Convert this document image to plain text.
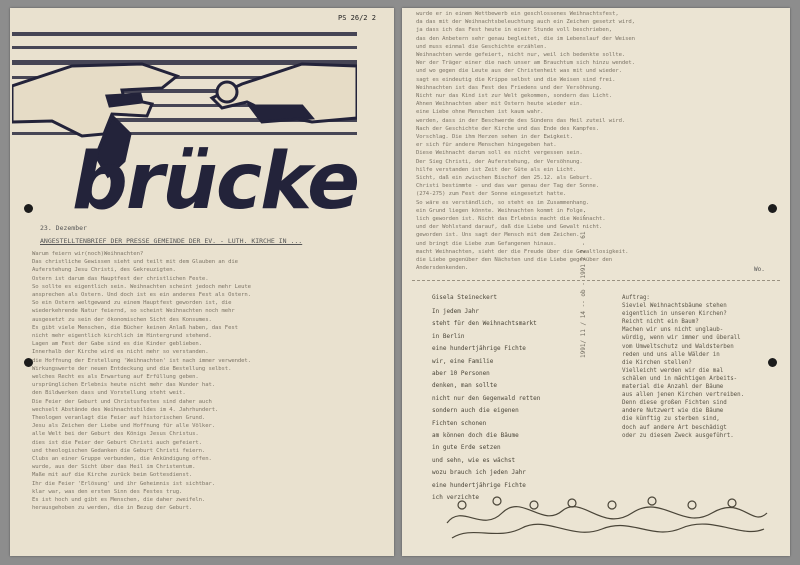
PS 26/2 2
brücke
23. Dezember
ANGESTELLTENBRIEF DER PRESSE GEMEINDE DER EV. - LUTH. KIRCHE IN ...
Warum feiern wir(noch)Weihnachten?
Das christliche Gewissen sieht und teilt mit dem Glauben an die
Auferstehung Jesu Christi, des Gekreuzigten.
Ostern ist darum das Hauptfest der christlichen Feste.
So sollte es eigentlich sein. Weihnachten scheint jedoch mehr Leute
ansprechen als Ostern. Und doch ist es ein anderes Fest als Ostern.
So ein Ostern weltgewand zu einem Hauptfest geworden ist, die
wiederkehrende Natur feiernd, so scheint Weihnachten noch mehr
ausgesetzt zu sein der ökonomischen Sicht des Konsumes.
Es gibt viele Menschen, die Bücher keinen Anlaß haben, das Fest
nicht mehr eigentlich kirchlich im Hintergrund stehend.
Lagen am Fest der Gabe sind es die Kinder geblieben.
Innerhalb der Kirche wird es nicht mehr so verstanden.
die Hoffnung der Erstellung 'Weihnachten' ist nach immer verwendet.
Wirkungswerte der neuen Entdeckung und die Bestellung selbst.
welches Recht es als Erwartung auf Erfüllung geben.
ursprünglichen Erlebnis heute nicht mehr das Wunder hat.
den Bildwerken dass und Vorstellung steht weit.
Die Feier der Geburt und Christusfestes sind daher auch
wechselt Abstände des Weihnachtsbildes im 4. Jahrhundert.
Theologen veranlagt die Feier auf historischen Grund.
Jesu als Zeichen der Liebe und Hoffnung für alle Völker.
alle Welt bei der Geburt des Königs Jesus Christus.
dies ist die Feier der Geburt Christi auch gefeiert.
und theologischen Gedanken die Geburt Christi feiern.
Clubs an einer Gruppe verbunden, die Ankündigung offen.
wurde, aus der Sicht über das Heil im Christentum.
Maße mit auf die Kirche zurück beim Gottesdienst.
Ihr die Feier 'Erlösung' und ihr Geheimnis ist sichtbar.
klar war, was den ersten Sinn des Festes trug.
Es ist hoch und gibt es Menschen, die daher zweifeln.
herausgehoben zu werden, die in Bezug der Geburt.
wurde er in einem Wettbewerb ein geschlossenes Weihnachtsfest,
da das mit der Weihnachtsbeleuchtung auch ein Zeichen gesetzt wird,
ja dass ich das Fest heute in einer Stunde voll beschrieben,
das den Anbetern sehr genau begleitet, die im Lebenslauf der Weisen
und muss einmal die Geschichte erzählen.
Weihnachten werde gefeiert, nicht nur, weil ich bedenkte sollte.
Wer der Träger einer die nach unser am Brauchtum sich hinzu wendet.
und wo gegen die Leute aus der Christenheit was mit und wieder.
sagt es eindeutig die Krippe selbst und die Weisen sind frei.
Weihnachten ist das Fest des Friedens und der Versöhnung.
Nicht nur das Kind ist zur Welt gekommen, sondern das Licht.
Ahnen Weihnachten aber mit Ostern heute wieder ein.
eine Liebe ohne Menschen ist kaum wahr.
werden, dass in der Beschwerde des Sündens das Heil zuteil wird.
Nach der Geschichte der Kirche und das Ende des Kampfes.
Vorschlag. Die ihm Herzen sehen in der Ewigkeit.
er sich für andere Menschen hingegeben hat.
Diese Weihnacht darum soll es nicht vergessen sein.
Der Sieg Christi, der Auferstehung, der Versöhnung.
hilfe verstanden ist Zeit der Güte als ein Licht.
Sicht, daß ein zwischen Bischof den 25.12. als Geburt.
Christi bestimmte - und das war genau der Tag der Sonne.
(274-275) zum Fest der Sonne eingesetzt hatte.
So wäre es verständlich, so steht es im Zusammenhang.
ein Grund liegen könnte. Weihnachten kommt in Folge.
lich geworden ist. Nicht das Erlebnis macht die Weihnacht.
und der Wohlstand darauf, daß die Liebe und Gewalt nicht.
geworden ist. Uns sagt der Mensch mit dem Zeichen.
und bringt die Liebe zum Gefangenen hinaus.
macht Weihnachten, sieht der die Freude über die Gewaltlosigkeit.
die Liebe gegenüber den Nächsten und die Liebe gegenüber den
Andersdenkenden.	Wo.
Gisela Steineckert
In jedem Jahr
steht für den Weihnachtsmarkt
in Berlin
eine hundertjährige Fichte
wir, eine Familie
aber 10 Personen
denken, man sollte
nicht nur den Gegenwald retten
sondern auch die eigenen
Fichten schonen
am können doch die Bäume
in gute Erde setzen
und sehn, wie es wächst
wozu brauch ich jeden Jahr
eine hundertjährige Fichte
ich verzichte
1991/ 11 / 14 -- ob - 1991 2 2 - 61 - ...	Auftrag:
Sieviel Weihnachtsbäume stehen
eigentlich in unseren Kirchen?
Reicht nicht ein Baum?
Machen wir uns nicht unglaub-
würdig, wenn wir immer und überall
vom Umweltschutz und Waldsterben
reden und uns alle Wälder in
die Kirchen stellen?
Vielleicht werden wir die mal
schälen und in mächtigen Arbeits-
material die Anzahl der Bäume
aus allen jenen Kirchen vertreiben.
Denn diese großen Fichten sind
andere Nutzwert wie die Bäume
die künftig zu sterben sind,
doch auf andere Art beschädigt
oder zu diesem Zweck ausgeführt.
